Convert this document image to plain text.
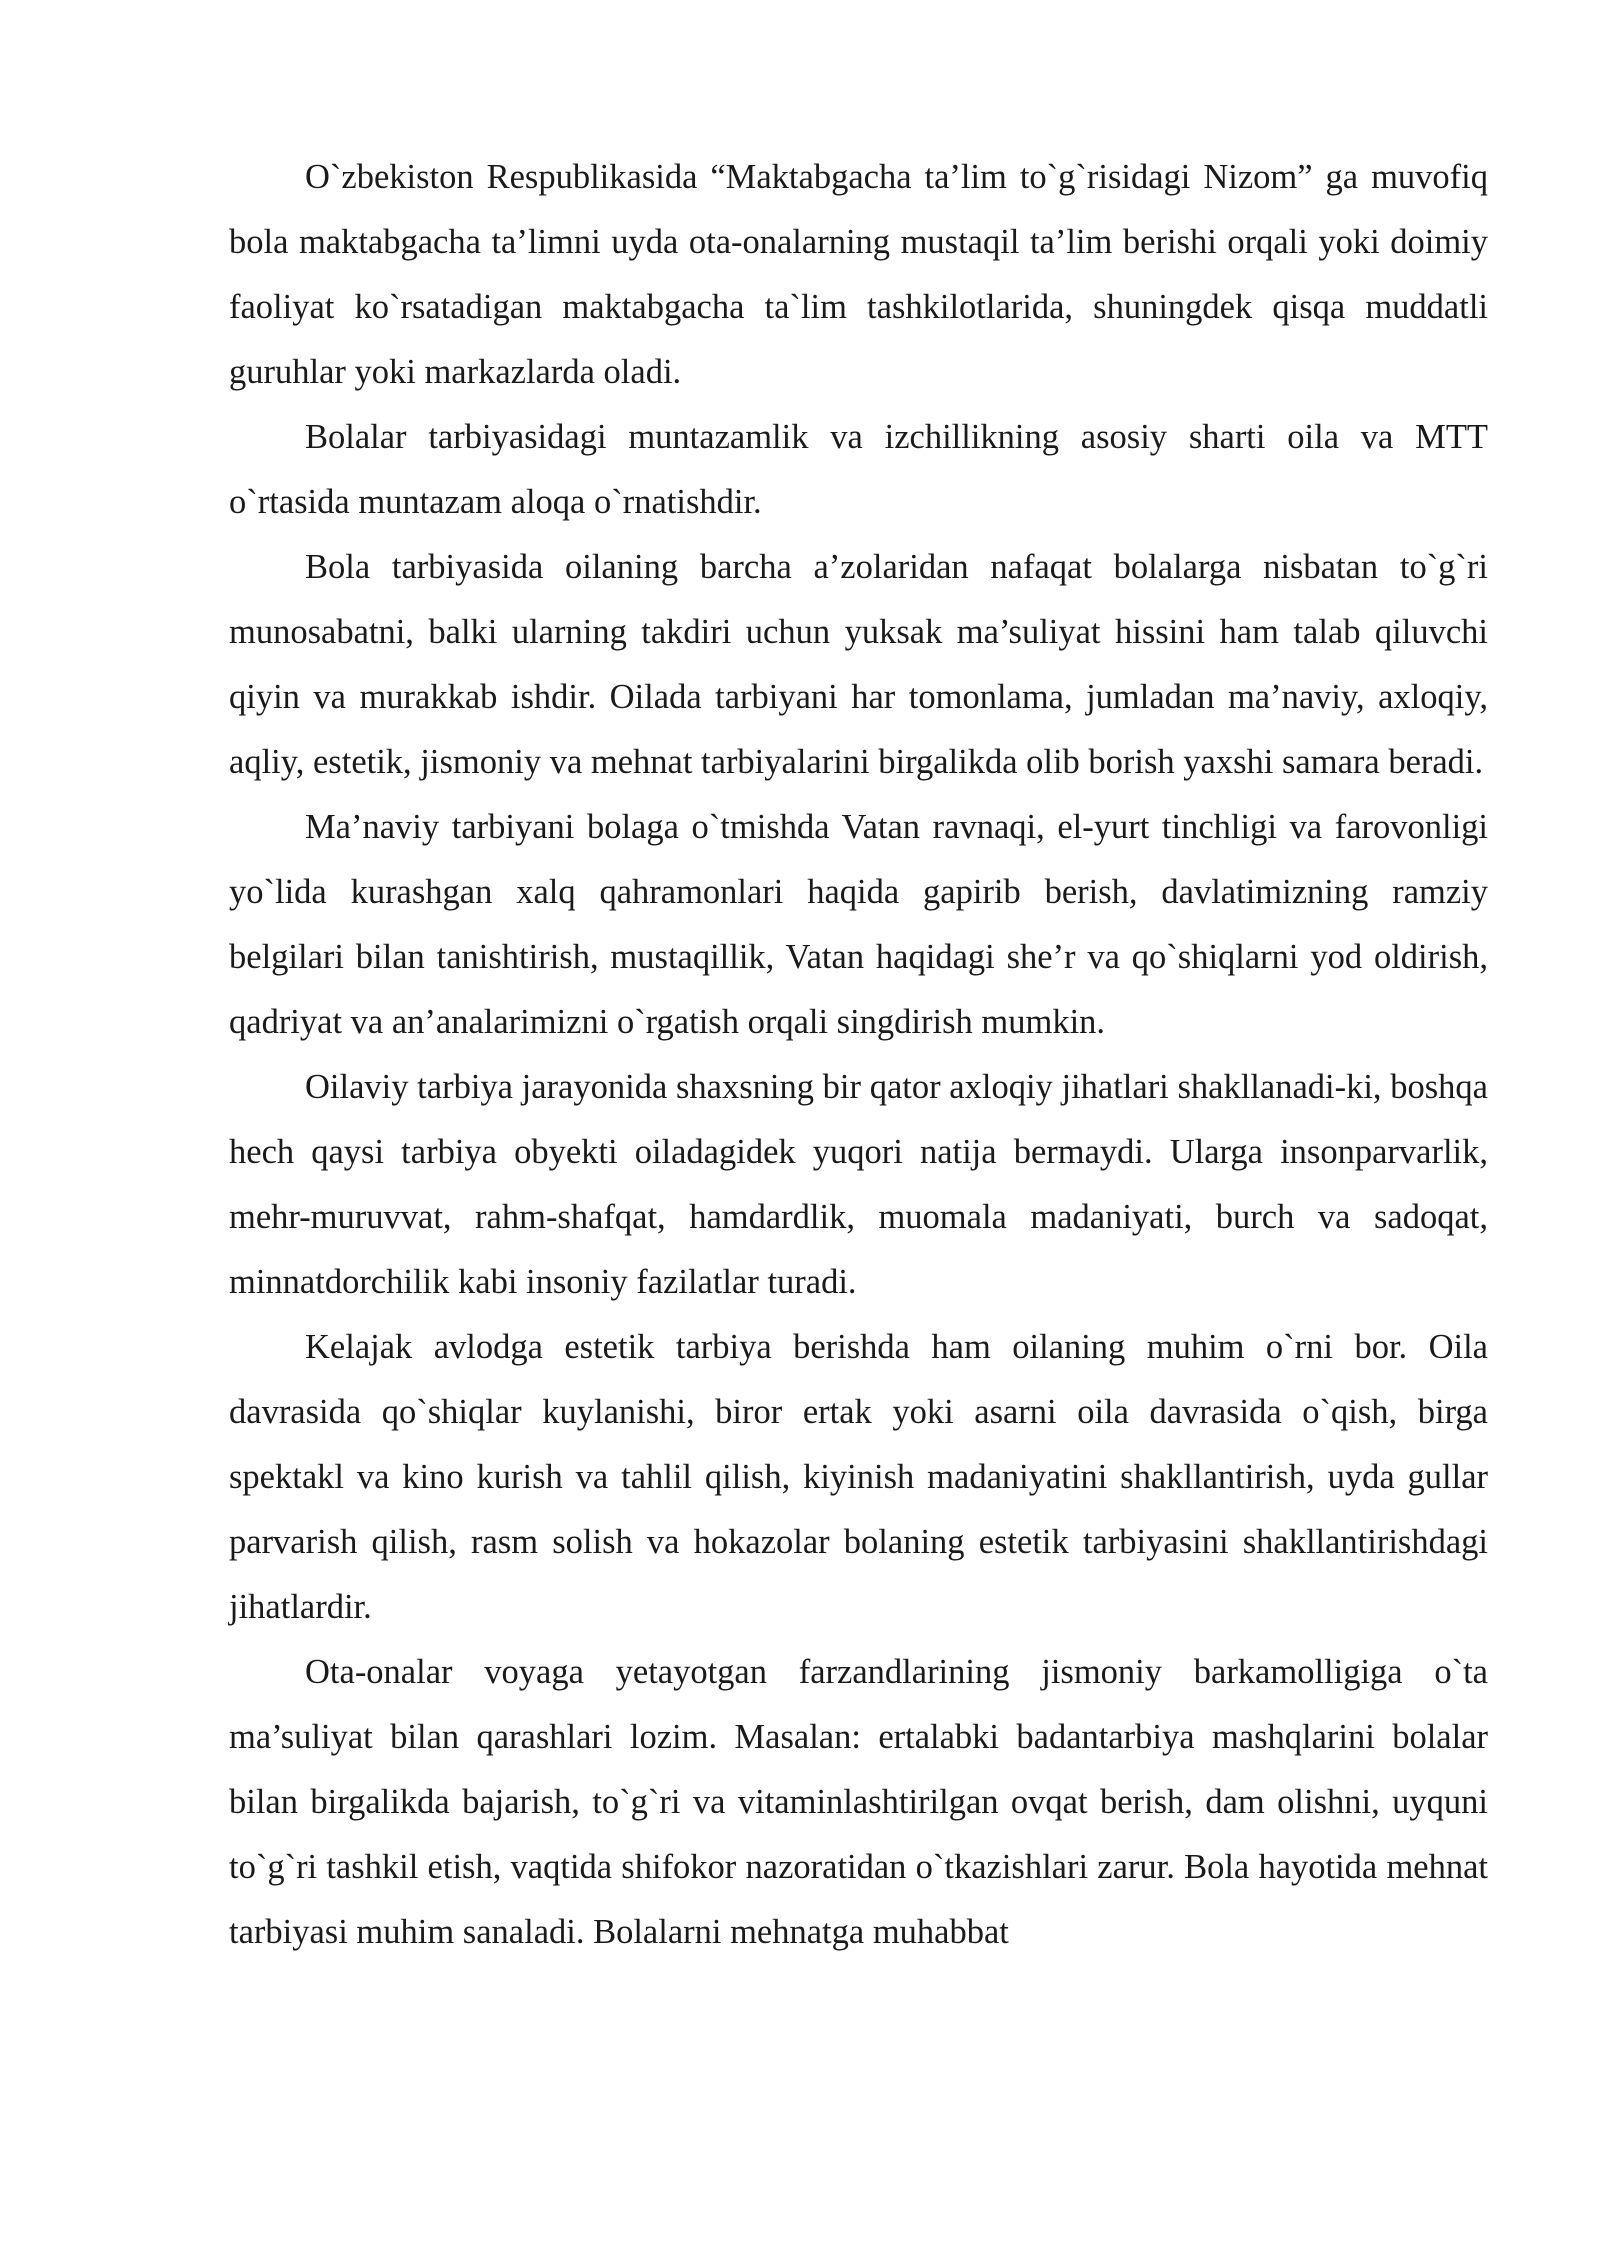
O`zbekiston Respublikasida “Maktabgacha ta’lim to`g`risidagi Nizom” ga muvofiq bola maktabgacha ta’limni uyda ota-onalarning mustaqil ta’lim berishi orqali yoki doimiy faoliyat ko`rsatadigan maktabgacha ta`lim tashkilotlarida, shuningdek qisqa muddatli guruhlar yoki markazlarda oladi.

Bolalar tarbiyasidagi muntazamlik va izchillikning asosiy sharti oila va MTT o`rtasida muntazam aloqa o`rnatishdir.

Bola tarbiyasida oilaning barcha a’zolaridan nafaqat bolalarga nisbatan to`g`ri munosabatni, balki ularning takdiri uchun yuksak ma’suliyat hissini ham talab qiluvchi qiyin va murakkab ishdir. Oilada tarbiyani har tomonlama, jumladan ma’naviy, axloqiy, aqliy, estetik, jismoniy va mehnat tarbiyalarini birgalikda olib borish yaxshi samara beradi.

Ma’naviy tarbiyani bolaga o`tmishda Vatan ravnaqi, el-yurt tinchligi va farovonligi yo`lida kurashgan xalq qahramonlari haqida gapirib berish, davlatimizning ramziy belgilari bilan tanishtirish, mustaqillik, Vatan haqidagi she’r va qo`shiqlarni yod oldirish, qadriyat va an’analarimizni o`rgatish orqali singdirish mumkin.

Oilaviy tarbiya jarayonida shaxsning bir qator axloqiy jihatlari shakllanadi-ki, boshqa hech qaysi tarbiya obyekti oiladagidek yuqori natija bermaydi. Ularga insonparvarlik, mehr-muruvvat, rahm-shafqat, hamdardlik, muomala madaniyati, burch va sadoqat, minnatdorchilik kabi insoniy fazilatlar turadi.

Kelajak avlodga estetik tarbiya berishda ham oilaning muhim o`rni bor. Oila davrasida qo`shiqlar kuylanishi, biror ertak yoki asarni oila davrasida o`qish, birga spektakl va kino kurish va tahlil qilish, kiyinish madaniyatini shakllantirish, uyda gullar parvarish qilish, rasm solish va hokazolar bolaning estetik tarbiyasini shakllantirishdagi jihatlardir.

Ota-onalar voyaga yetayotgan farzandlarining jismoniy barkamolligiga o`ta ma’suliyat bilan qarashlari lozim. Masalan: ertalabki badantarbiya mashqlarini bolalar bilan birgalikda bajarish, to`g`ri va vitaminlashtirilgan ovqat berish, dam olishni, uyquni to`g`ri tashkil etish, vaqtida shifokor nazoratidan o`tkazishlari zarur. Bola hayotida mehnat tarbiyasi muhim sanaladi. Bolalarni mehnatga muhabbat
